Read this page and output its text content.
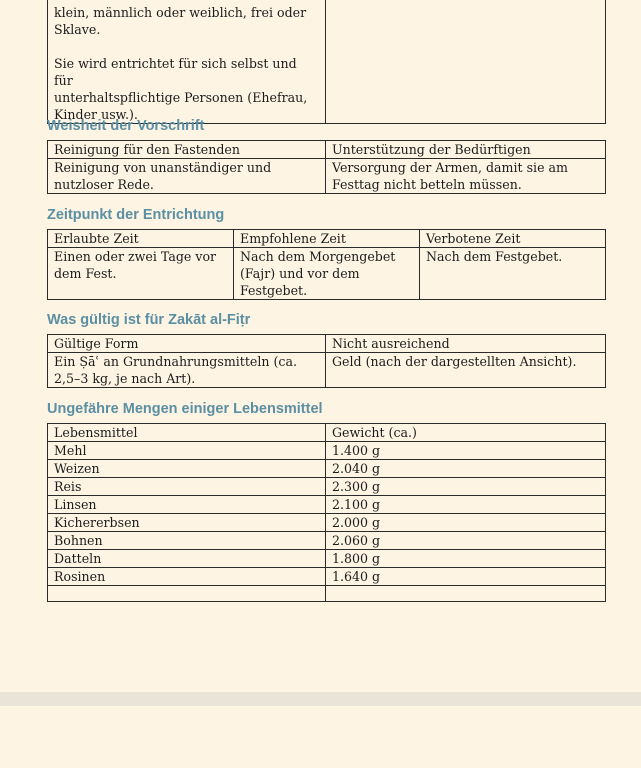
klein, männlich oder weiblich, frei oder
Sklave.
Sie wird entrichtet für sich selbst und für
unterhaltspflichtige Personen (Ehefrau,
Kinder usw.).

Weisheit der Vorschrift
Reinigung für den Fastenden	Unterstützung der Bedürftigen
Reinigung von unanständiger und nutzloser Rede.	Versorgung der Armen, damit sie am Festtag nicht betteln müssen.
Zeitpunkt der Entrichtung
Erlaubte Zeit	Empfohlene Zeit	Verbotene Zeit
Einen oder zwei Tage vor dem Fest.	Nach dem Morgengebet (Fajr) und vor dem Festgebet.	Nach dem Festgebet.
Was gültig ist für Zakāt al-Fiṭr
Gültige Form	Nicht ausreichend
Ein Ṣāʿ an Grundnahrungsmitteln (ca. 2,5–3 kg, je nach Art).	Geld (nach der dargestellten Ansicht).
Ungefähre Mengen einiger Lebensmittel
Lebensmittel	Gewicht (ca.)
Mehl	1.400 g
Weizen	2.040 g
Reis	2.300 g
Linsen	2.100 g
Kichererbsen	2.000 g
Bohnen	2.060 g
Datteln	1.800 g
Rosinen	1.640 g
